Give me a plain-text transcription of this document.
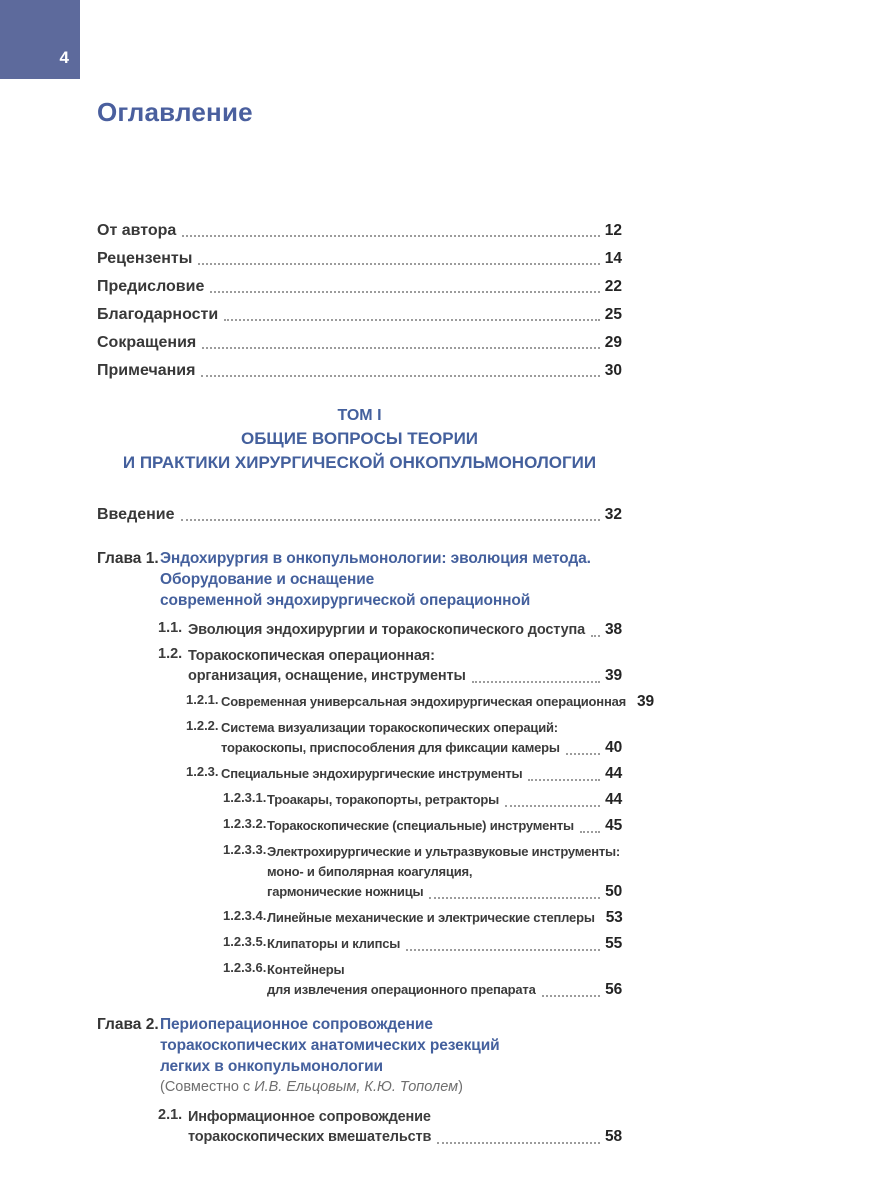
4
Оглавление
От автора	12
Рецензенты	14
Предисловие	22
Благодарности	25
Сокращения	29
Примечания	30
ТОМ I
ОБЩИЕ ВОПРОСЫ ТЕОРИИ
И ПРАКТИКИ ХИРУРГИЧЕСКОЙ ОНКОПУЛЬМОНОЛОГИИ
Введение	32
Глава 1. Эндохирургия в онкопульмонологии: эволюция метода.
Оборудование и оснащение
современной эндохирургической операционной
1.1. Эволюция эндохирургии и торакоскопического доступа 38
1.2. Торакоскопическая операционная:
организация, оснащение, инструменты	39
1.2.1. Современная универсальная эндохирургическая операционная 39
1.2.2. Система визуализации торакоскопических операций:
торакоскопы, приспособления для фиксации камеры	40
1.2.3. Специальные эндохирургические инструменты	44
1.2.3.1. Троакары, торакопорты, ретракторы	44
1.2.3.2. Торакоскопические (специальные) инструменты 45
1.2.3.3. Электрохирургические и ультразвуковые инструменты:
моно- и биполярная коагуляция,
гармонические ножницы	50
1.2.3.4. Линейные механические и электрические степлеры 53
1.2.3.5. Клипаторы и клипсы	55
1.2.3.6. Контейнеры
для извлечения операционного препарата	56
Глава 2. Периоперационное сопровождение
торакоскопических анатомических резекций
легких в онкопульмонологии
(Совместно с И.В. Ельцовым, К.Ю. Тополем)
2.1. Информационное сопровождение
торакоскопических вмешательств	58
